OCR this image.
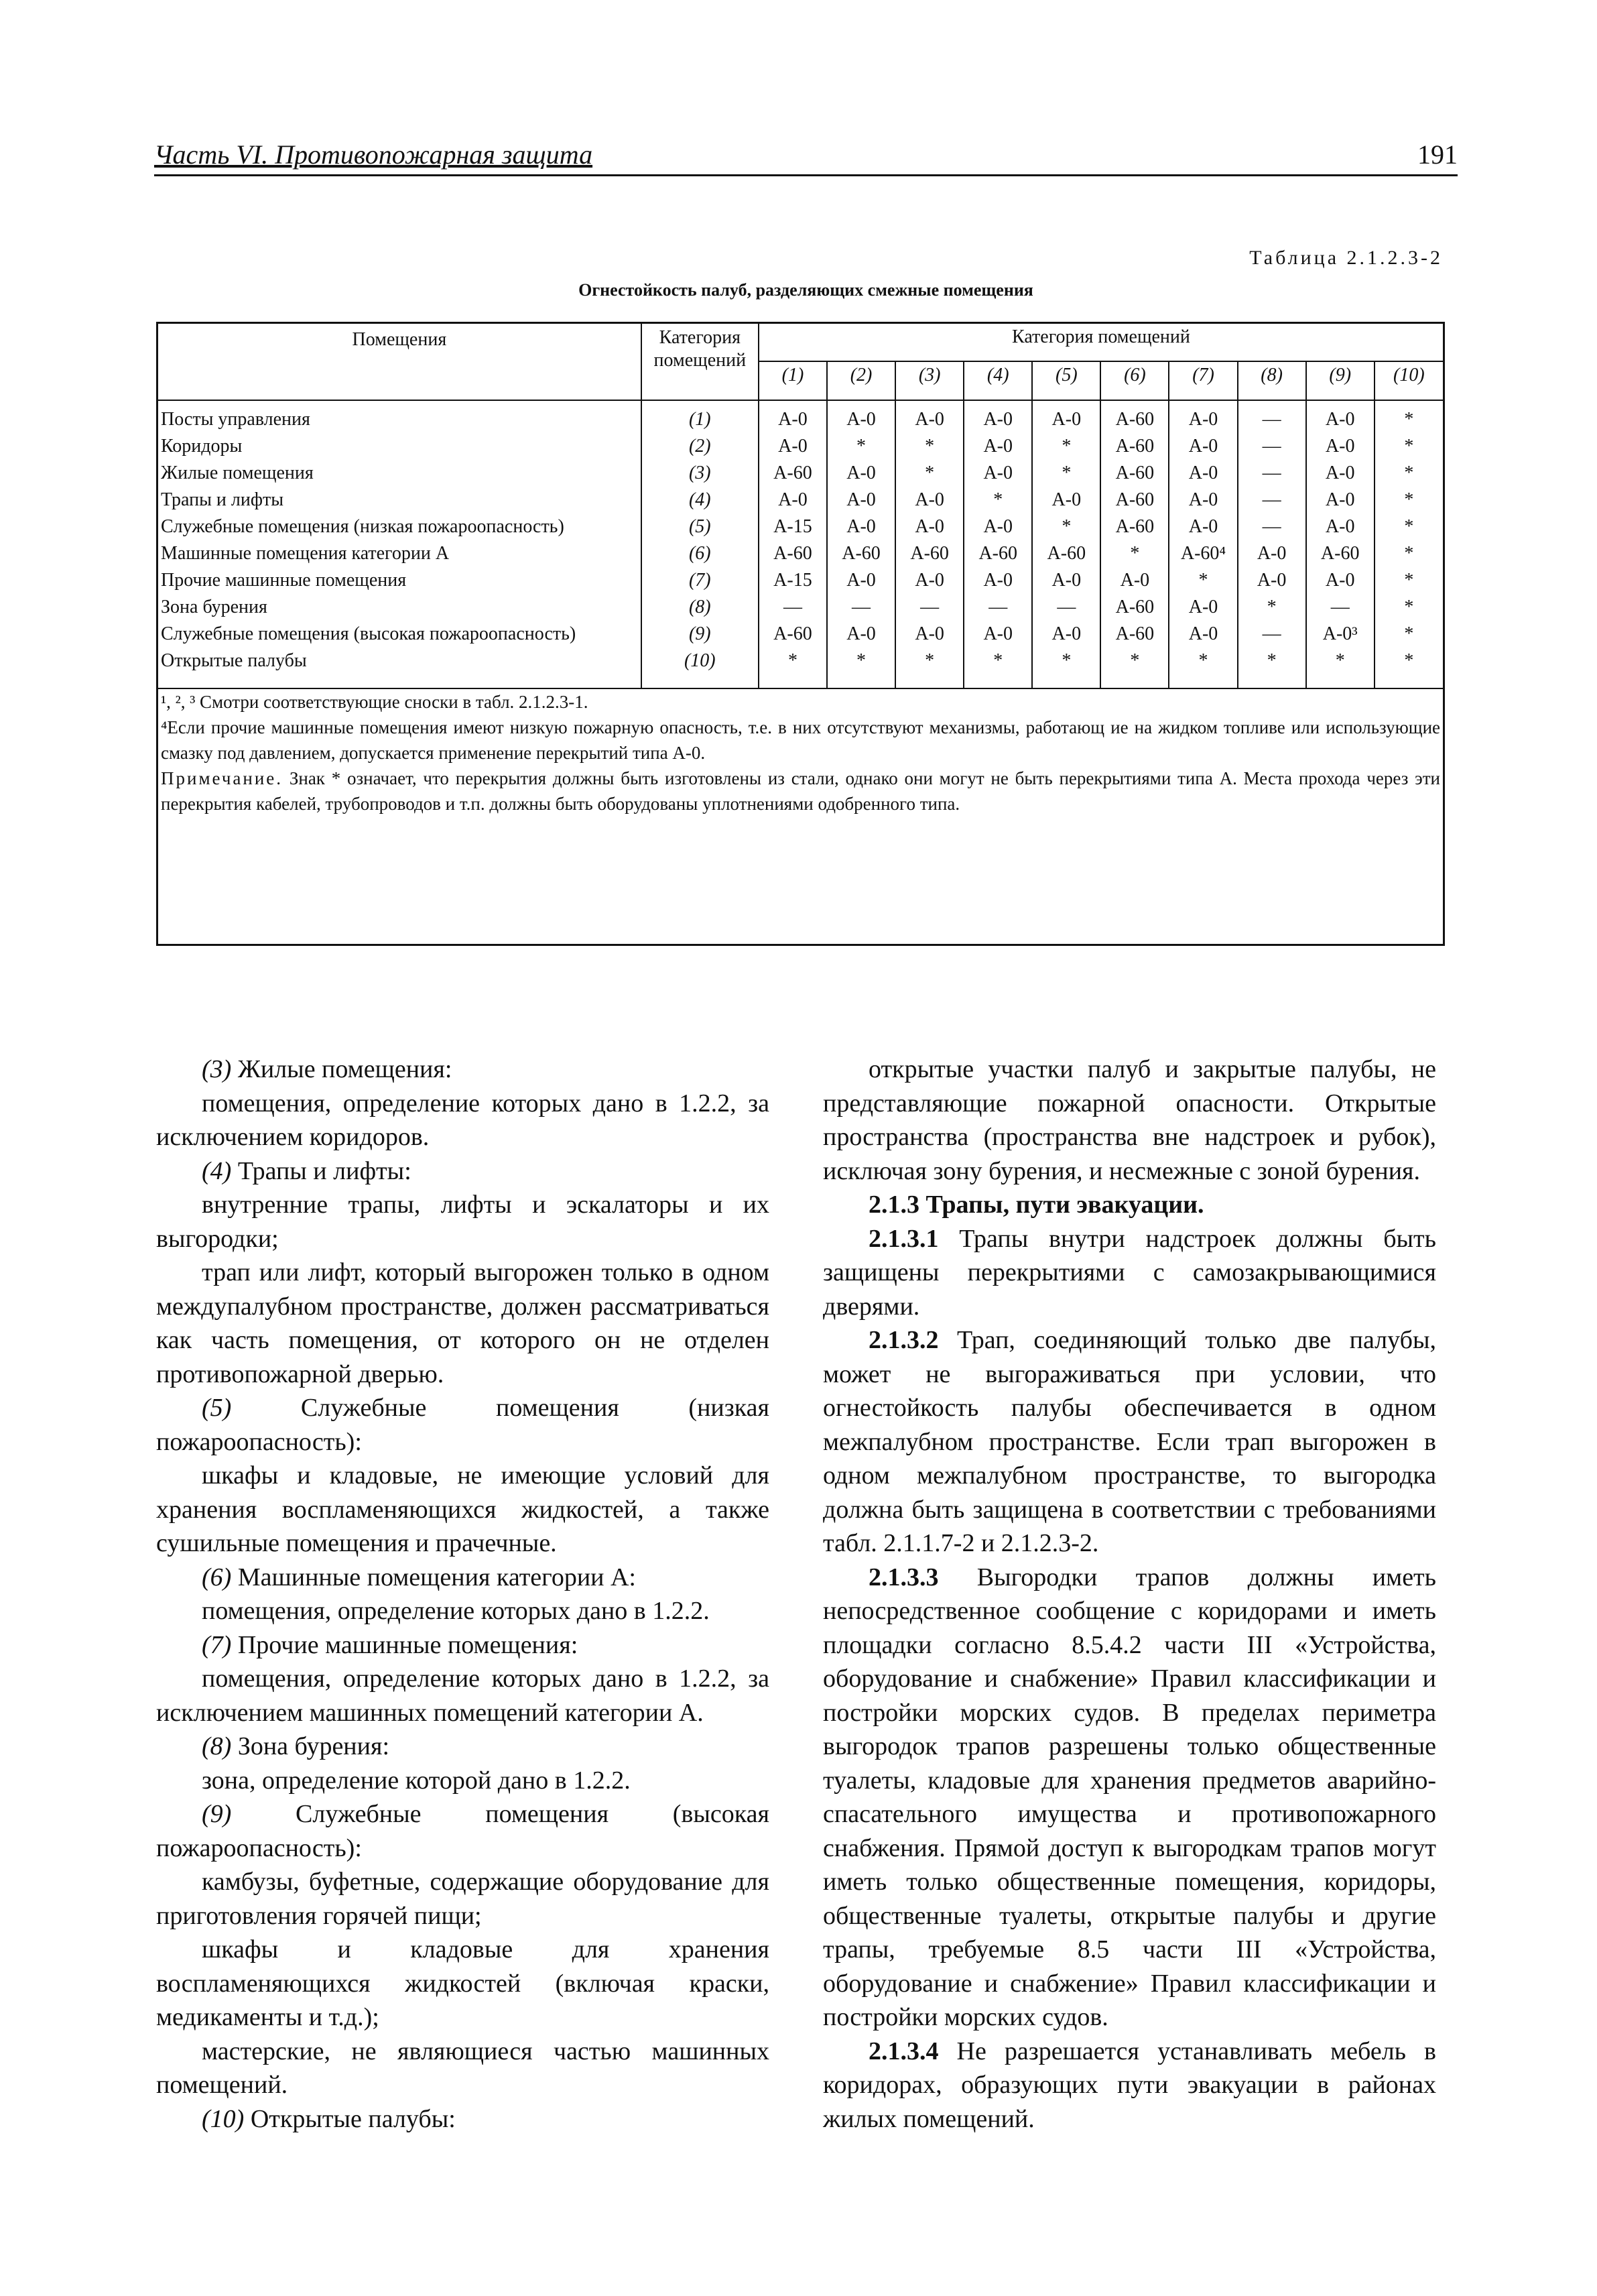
Часть VI. Противопожарная защита	191
Таблица 2.1.2.3-2
Огнестойкость палуб, разделяющих смежные помещения
Помещения	Категория помещений	Категория помещений									
		(1)	(2)	(3)	(4)	(5)	(6)	(7)	(8)	(9)	(10)
Посты управления	(1)	А-0	А-0	А-0	А-0	А-0	А-60	А-0	—	А-0	*
Коридоры	(2)	А-0	*	*	А-0	*	А-60	А-0	—	А-0	*
Жилые помещения	(3)	А-60	А-0	*	А-0	*	А-60	А-0	—	А-0	*
Трапы и лифты	(4)	А-0	А-0	А-0	*	А-0	А-60	А-0	—	А-0	*
Служебные помещения (низкая пожароопасность)	(5)	А-15	А-0	А-0	А-0	*	А-60	А-0	—	А-0	*
Машинные помещения категории А	(6)	А-60	А-60	А-60	А-60	А-60	*	А-60⁴	А-0	А-60	*
Прочие машинные помещения	(7)	А-15	А-0	А-0	А-0	А-0	А-0	*	А-0	А-0	*
Зона бурения	(8)	—	—	—	—	—	А-60	А-0	*	—	*
Служебные помещения (высокая пожароопасность)	(9)	А-60	А-0	А-0	А-0	А-0	А-60	А-0	—	А-0³	*
Открытые палубы	(10)	*	*	*	*	*	*	*	*	*	*

¹, ², ³ Смотри соответствующие сноски в табл. 2.1.2.3-1.

⁴Если прочие машинные помещения имеют низкую пожарную опасность, т.е. в них отсутствуют механизмы, работающ ие на жидком топливе или использующие смазку под давлением, допускается применение перекрытий типа А-0.

Примечание. Знак * означает, что перекрытия должны быть изготовлены из стали, однако они могут не быть перекрытиями типа А. Места прохода через эти перекрытия кабелей, трубопроводов и т.п. должны быть оборудованы уплотнениями одобренного типа.											

(3) Жилые помещения:

помещения, определение которых дано в 1.2.2, за исключением коридоров.

(4) Трапы и лифты:

внутренние трапы, лифты и эскалаторы и их выгородки;

трап или лифт, который выгорожен только в одном междупалубном пространстве, должен рассматриваться как часть помещения, от которого он не отделен противопожарной дверью.

(5) Служебные помещения (низкая пожароопасность):

шкафы и кладовые, не имеющие условий для хранения воспламеняющихся жидкостей, а также сушильные помещения и прачечные.

(6) Машинные помещения категории А:

помещения, определение которых дано в 1.2.2.

(7) Прочие машинные помещения:

помещения, определение которых дано в 1.2.2, за исключением машинных помещений категории А.

(8) Зона бурения:

зона, определение которой дано в 1.2.2.

(9) Служебные помещения (высокая пожароопасность):

камбузы, буфетные, содержащие оборудование для приготовления горячей пищи;

шкафы и кладовые для хранения воспламеняющихся жидкостей (включая краски, медикаменты и т.д.);

мастерские, не являющиеся частью машинных помещений.

(10) Открытые палубы:

открытые участки палуб и закрытые палубы, не представляющие пожарной опасности. Открытые пространства (пространства вне надстроек и рубок), исключая зону бурения, и несмежные с зоной бурения.

2.1.3 Трапы, пути эвакуации.

2.1.3.1 Трапы внутри надстроек должны быть защищены перекрытиями с самозакрывающимися дверями.

2.1.3.2 Трап, соединяющий только две палубы, может не выгораживаться при условии, что огнестойкость палубы обеспечивается в одном межпалубном пространстве. Если трап выгорожен в одном межпалубном пространстве, то выгородка должна быть защищена в соответствии с требованиями табл. 2.1.1.7-2 и 2.1.2.3-2.

2.1.3.3 Выгородки трапов должны иметь непосредственное сообщение с коридорами и иметь площадки согласно 8.5.4.2 части III «Устройства, оборудование и снабжение» Правил классификации и постройки морских судов. В пределах периметра выгородок трапов разрешены только общественные туалеты, кладовые для хранения предметов аварийно-спасательного имущества и противопожарного снабжения. Прямой доступ к выгородкам трапов могут иметь только общественные помещения, коридоры, общественные туалеты, открытые палубы и другие трапы, требуемые 8.5 части III «Устройства, оборудование и снабжение» Правил классификации и постройки морских судов.

2.1.3.4 Не разрешается устанавливать мебель в коридорах, образующих пути эвакуации в районах жилых помещений.
